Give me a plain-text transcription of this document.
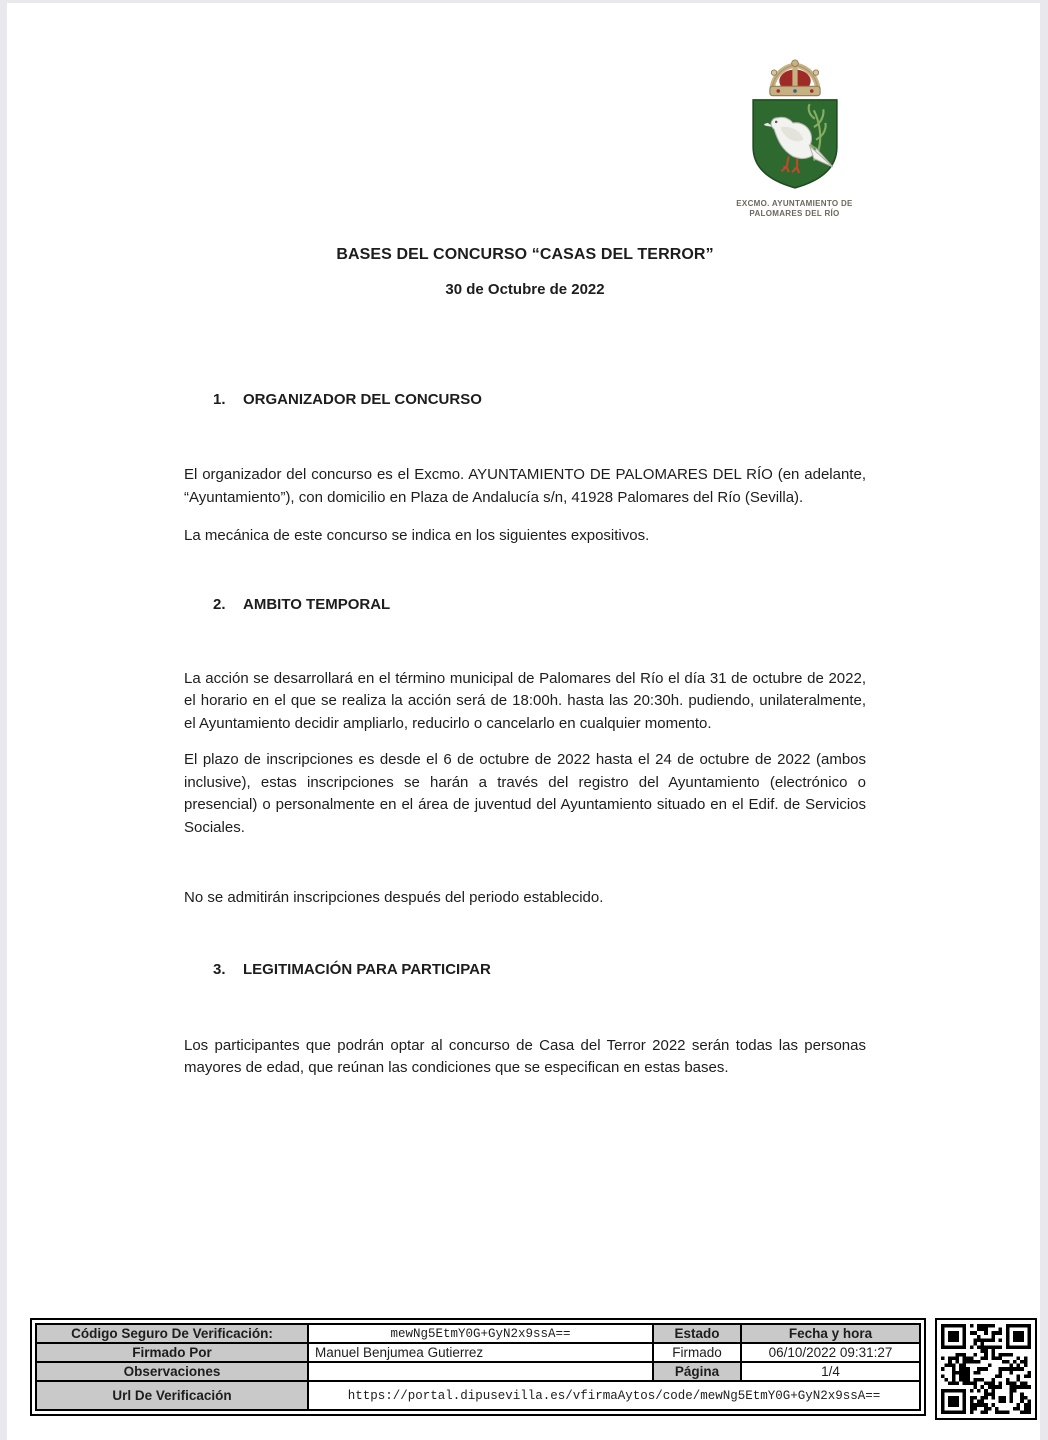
EXCMO. AYUNTAMIENTO DE
PALOMARES DEL RÍO
BASES DEL CONCURSO “CASAS DEL TERROR”
30 de Octubre de 2022
1. ORGANIZADOR DEL CONCURSO

El organizador del concurso es el Excmo. AYUNTAMIENTO DE PALOMARES DEL RÍO (en adelante, “Ayuntamiento”), con domicilio en Plaza de Andalucía s/n, 41928 Palomares del Río (Sevilla).

La mecánica de este concurso se indica en los siguientes expositivos.

2. AMBITO TEMPORAL

La acción se desarrollará en el término municipal de Palomares del Río el día 31 de octubre de 2022, el horario en el que se realiza la acción será de 18:00h. hasta las 20:30h. pudiendo, unilateralmente, el Ayuntamiento decidir ampliarlo, reducirlo o cancelarlo en cualquier momento.

El plazo de inscripciones es desde el 6 de octubre de 2022 hasta el 24 de octubre de 2022 (ambos inclusive), estas inscripciones se harán a través del registro del Ayuntamiento (electrónico o presencial) o personalmente en el área de juventud del Ayuntamiento situado en el Edif. de Servicios Sociales.

No se admitirán inscripciones después del periodo establecido.

3. LEGITIMACIÓN PARA PARTICIPAR

Los participantes que podrán optar al concurso de Casa del Terror 2022 serán todas las personas mayores de edad, que reúnan las condiciones que se especifican en estas bases.

Código Seguro De Verificación:	mewNg5EtmY0G+GyN2x9ssA==	Estado	Fecha y hora
Firmado Por	Manuel Benjumea Gutierrez	Firmado	06/10/2022 09:31:27
Observaciones		Página	1/4
Url De Verificación	https://portal.dipusevilla.es/vfirmaAytos/code/mewNg5EtmY0G+GyN2x9ssA==		
